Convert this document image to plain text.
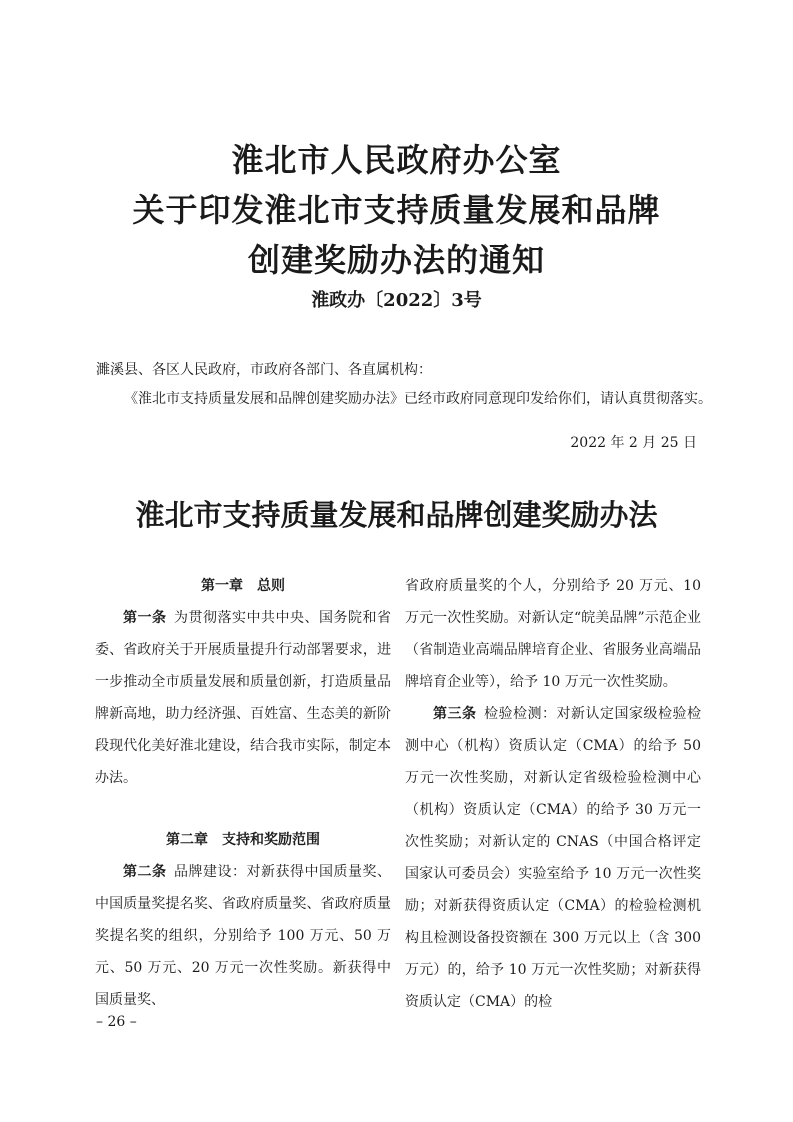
淮北市人民政府办公室
关于印发淮北市支持质量发展和品牌
创建奖励办法的通知
淮政办〔2022〕3号
濉溪县、各区人民政府，市政府各部门、各直属机构：
《淮北市支持质量发展和品牌创建奖励办法》已经市政府同意现印发给你们，请认真贯彻落实。
2022 年 2 月 25 日
淮北市支持质量发展和品牌创建奖励办法
第一章　总则

第一条  为贯彻落实中共中央、国务院和省委、省政府关于开展质量提升行动部署要求，进一步推动全市质量发展和质量创新，打造质量品牌新高地，助力经济强、百姓富、生态美的新阶段现代化美好淮北建设，结合我市实际，制定本办法。

第二章　支持和奖励范围

第二条  品牌建设：对新获得中国质量奖、中国质量奖提名奖、省政府质量奖、省政府质量奖提名奖的组织，分别给予 100 万元、50 万元、50 万元、20 万元一次性奖励。新获得中国质量奖、

省政府质量奖的个人，分别给予 20 万元、10 万元一次性奖励。对新认定“皖美品牌”示范企业（省制造业高端品牌培育企业、省服务业高端品牌培育企业等），给予 10 万元一次性奖励。

第三条  检验检测：对新认定国家级检验检测中心（机构）资质认定（CMA）的给予 50 万元一次性奖励，对新认定省级检验检测中心（机构）资质认定（CMA）的给予 30 万元一次性奖励；对新认定的 CNAS（中国合格评定国家认可委员会）实验室给予 10 万元一次性奖励；对新获得资质认定（CMA）的检验检测机构且检测设备投资额在 300 万元以上（含 300 万元）的，给予 10 万元一次性奖励；对新获得资质认定（CMA）的检

– 26 –
